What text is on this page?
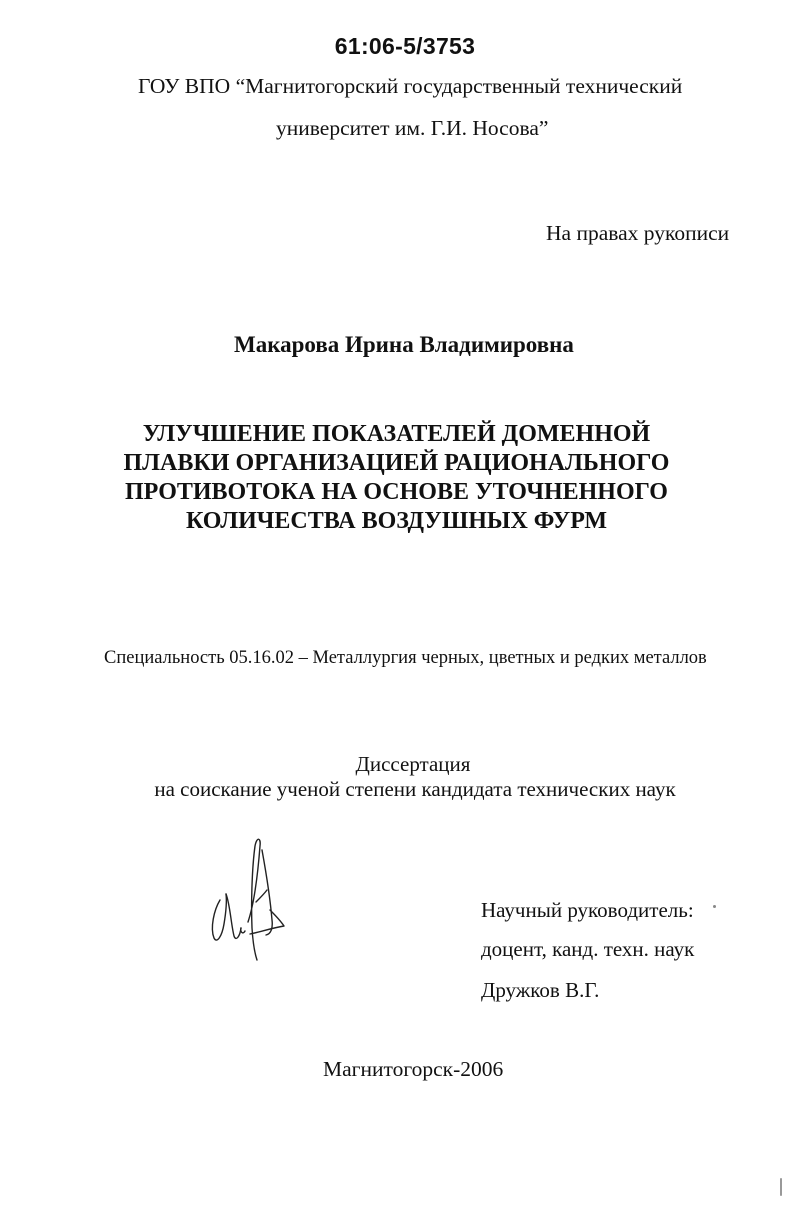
61:06-5/3753
ГОУ ВПО “Магнитогорский государственный технический
университет им. Г.И. Носова”
На правах рукописи
Макарова Ирина Владимировна
УЛУЧШЕНИЕ ПОКАЗАТЕЛЕЙ ДОМЕННОЙ
ПЛАВКИ ОРГАНИЗАЦИЕЙ РАЦИОНАЛЬНОГО
ПРОТИВОТОКА НА ОСНОВЕ УТОЧНЕННОГО
КОЛИЧЕСТВА ВОЗДУШНЫХ ФУРМ
Специальность 05.16.02 – Металлургия черных, цветных и редких металлов
Диссертация
на соискание ученой степени кандидата технических наук
Научный руководитель:
доцент, канд. техн. наук
Дружков В.Г.
Магнитогорск-2006
